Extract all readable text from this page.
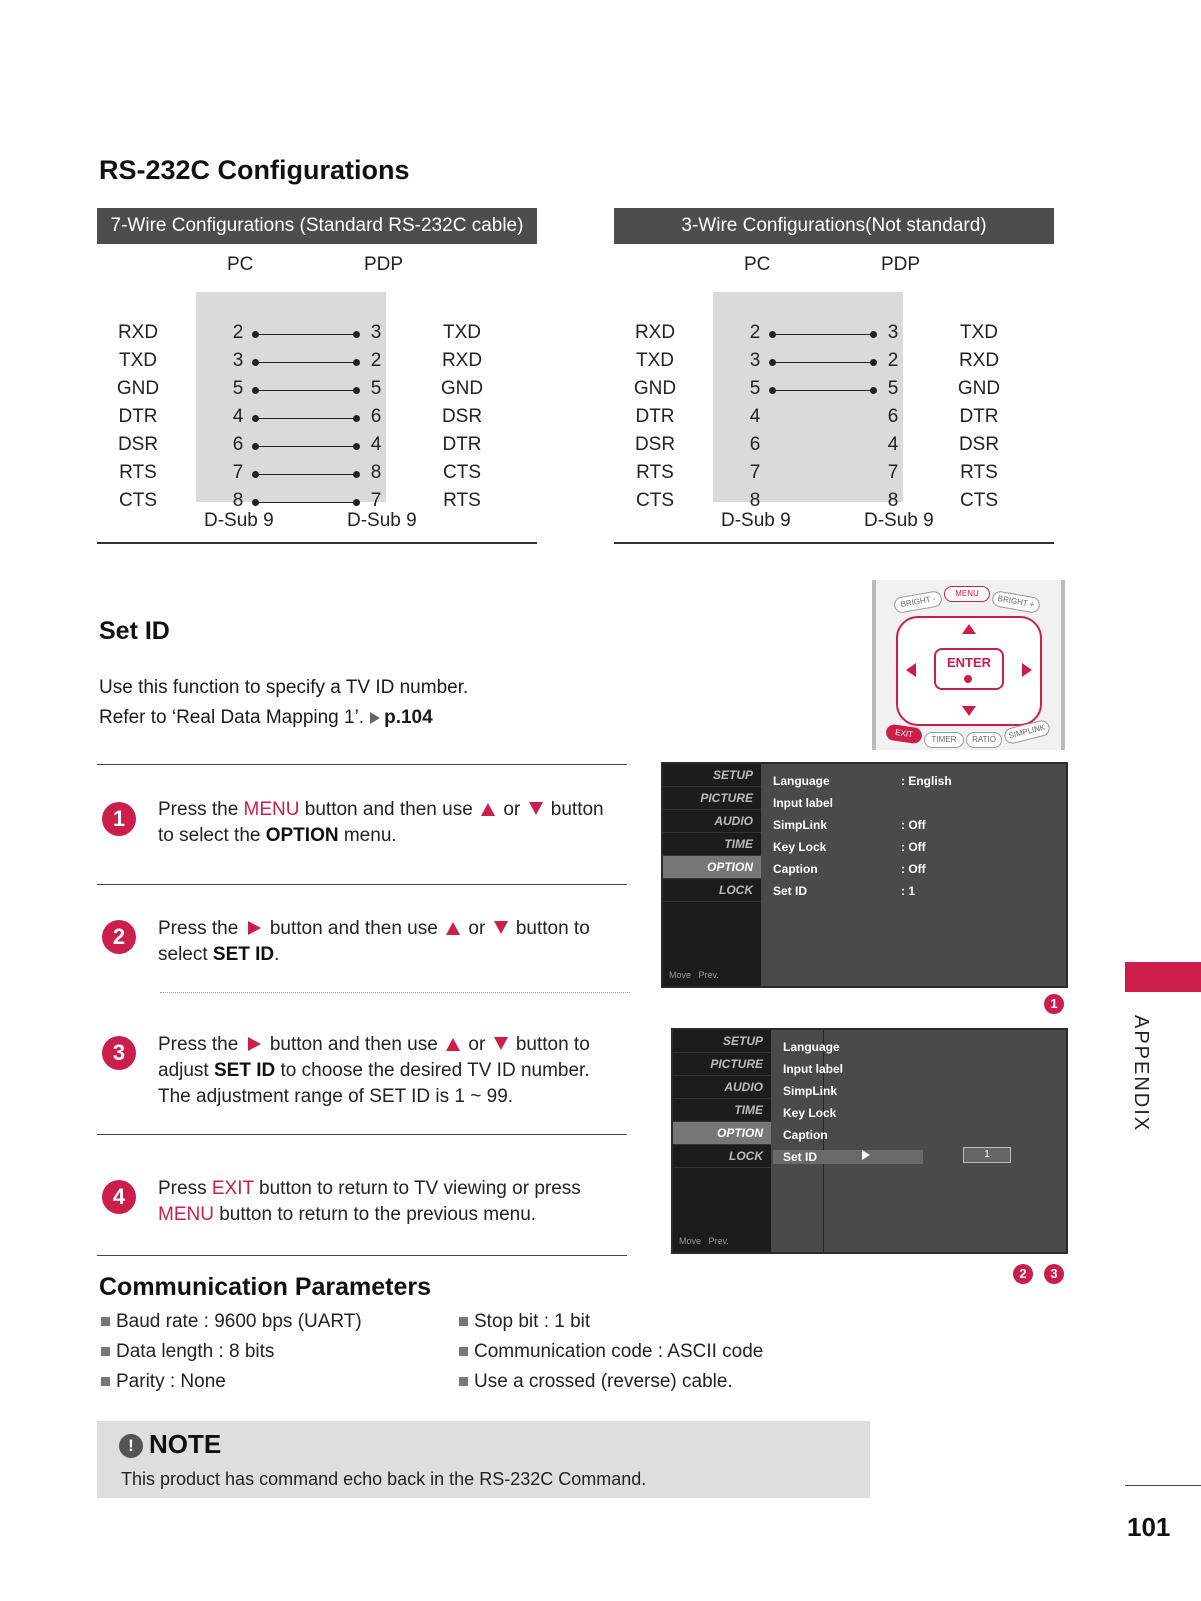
RS-232C Configurations
7-Wire Configurations (Standard RS-232C cable)
PC	PDP
RXD	2	3	TXD
TXD	3	2	RXD
GND	5	5	GND
DTR	4	6	DSR
DSR	6	4	DTR
RTS	7	8	CTS
CTS	8	7	RTS
D-Sub 9	D-Sub 9
3-Wire Configurations(Not standard)
PC	PDP
RXD	2	3	TXD
TXD	3	2	RXD
GND	5	5	GND
DTR	4	6	DTR
DSR	6	4	DSR
RTS	7	7	RTS
CTS	8	8	CTS
D-Sub 9	D-Sub 9
Set ID
Use this function to specify a TV ID number.
Refer to ‘Real Data Mapping 1’. p.104
1	Press the MENU button and then use  or  button
to select the OPTION menu.
2	Press the  button and then use  or  button to
select SET ID.
3	Press the  button and then use  or  button to
adjust SET ID to choose the desired TV ID number.
The adjustment range of SET ID is 1 ~ 99.
4	Press EXIT button to return to TV viewing or press
MENU button to return to the previous menu.
BRIGHT -
MENU
BRIGHT +
ENTER
EXIT
TIMER	RATIO	SIMPLINK
SETUP
PICTURE
AUDIO
TIME
OPTION
LOCK
Move Prev.
Language	: English
Input label
SimpLink	: Off
Key Lock	: Off
Caption	: Off
Set ID	: 1
1
SETUP
PICTURE
AUDIO
TIME
OPTION
LOCK
Move Prev.
Language
Input label
SimpLink
Key Lock
Caption
Set ID	1
2	3
APPENDIX
Communication Parameters
Baud rate : 9600 bps (UART)
Data length : 8 bits
Parity : None
Stop bit : 1 bit
Communication code : ASCII code
Use a crossed (reverse) cable.
! NOTE
This product has command echo back in the RS-232C Command.
101
